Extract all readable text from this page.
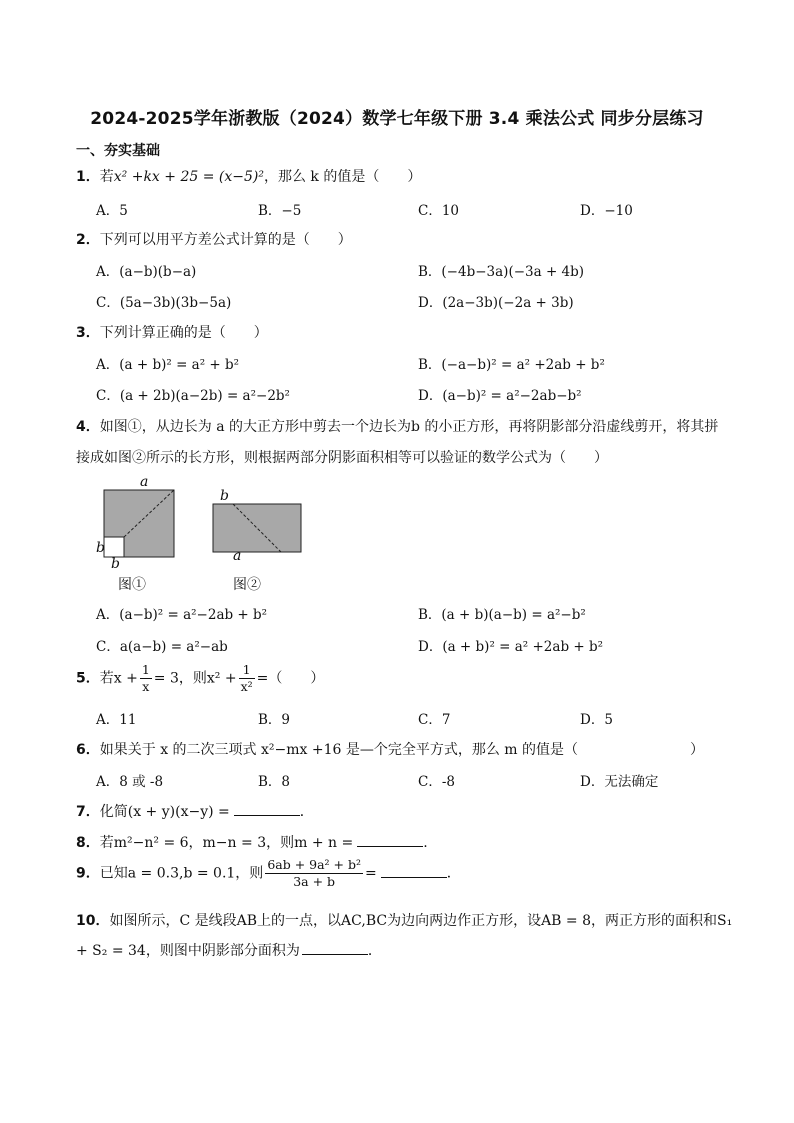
2024-2025学年浙教版（2024）数学七年级下册 3.4 乘法公式 同步分层练习
一、夯实基础
1．若x² +kx + 25 = (x−5)²，那么 k 的值是（　　）
A．5	B．−5	C．10	D．−10
2．下列可以用平方差公式计算的是（　　）
A．(a−b)(b−a)	B．(−4b−3a)(−3a + 4b)
C．(5a−3b)(3b−5a)	D．(2a−3b)(−2a + 3b)
3．下列计算正确的是（　　）
A．(a + b)² = a² + b²	B．(−a−b)² = a² +2ab + b²
C．(a + 2b)(a−2b) = a²−2b²	D．(a−b)² = a²−2ab−b²
4．如图①，从边长为 a 的大正方形中剪去一个边长为b 的小正方形，再将阴影部分沿虚线剪开，将其拼
接成如图②所示的长方形，则根据两部分阴影面积相等可以验证的数学公式为（　　）
a
b
b
图①
b
a
图②
A．(a−b)² = a²−2ab + b²	B．(a + b)(a−b) = a²−b²
C．a(a−b) = a²−ab	D．(a + b)² = a² +2ab + b²
5．若$x + \frac{1}{x} = 3$，则$x^2 + \frac{1}{\text{x²}}$ =（　　）
A．11	B．9	C．7	D．5
6．如果关于 x 的二次三项式 x²−mx +16 是—个完全平方式，那么 m 的值是（　　　　　　　　）
A．8 或 -8	B．8	C．-8	D．无法确定
7．化简(x + y)(x−y) =	．
8．若m²−n² = 6，m−n = 3，则m + n =	.
9．已知a = 0.3,b = 0.1，则 $\frac{\text{6ab + 9a² + b²}}{3a + b}$ =	．
10．如图所示，C 是线段AB上的一点，以AC,BC为边向两边作正方形，设AB = 8，两正方形的面积和S₁
+ S₂ = 34，则图中阴影部分面积为	．
